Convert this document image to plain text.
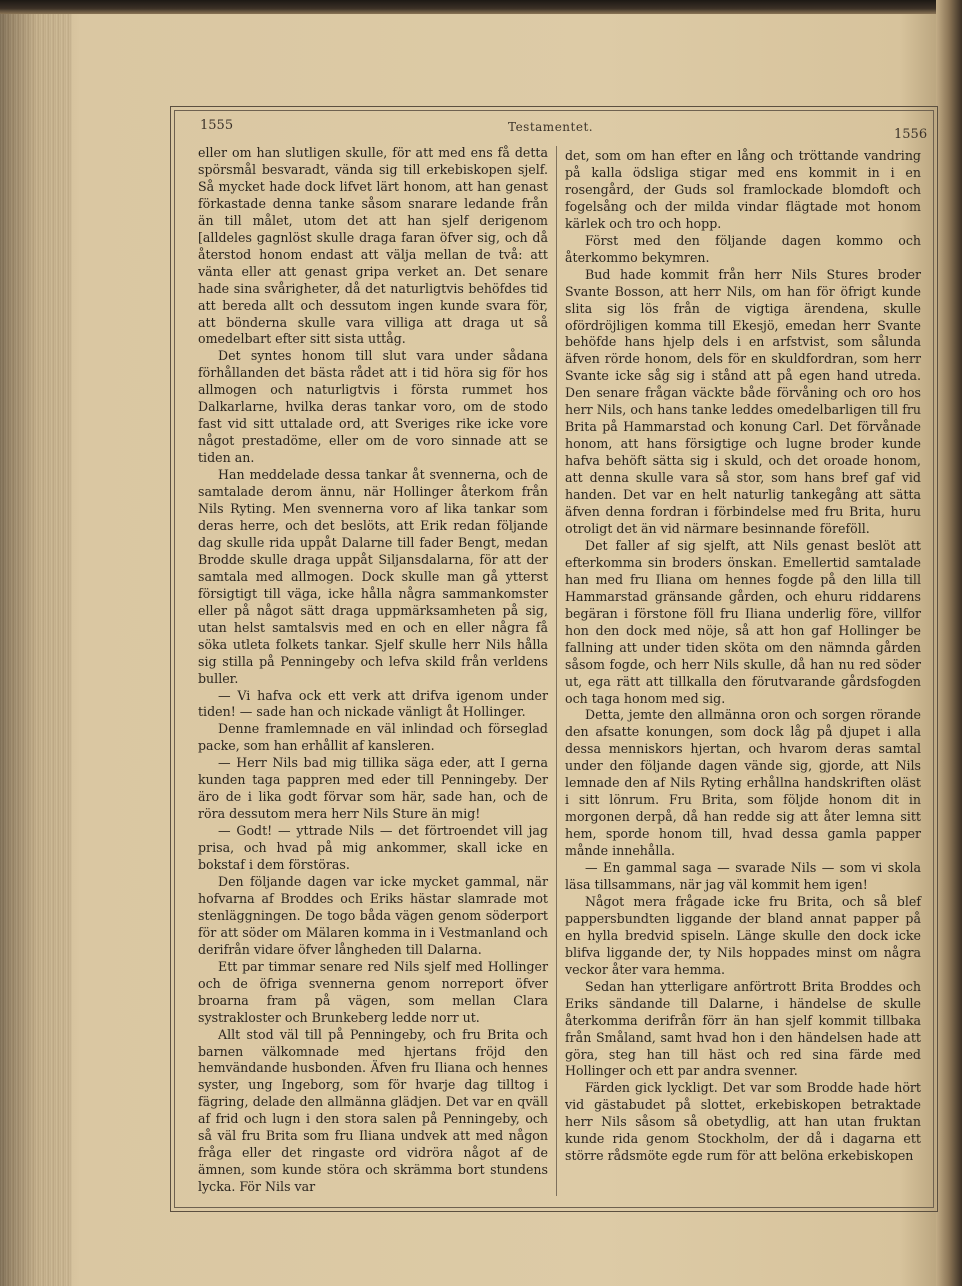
1555	Testamentet.	1556

eller om han slutligen skulle, för att med ens få detta spörsmål besvaradt, vända sig till erkebiskopen sjelf. Så mycket hade dock lifvet lärt honom, att han genast förkastade denna tanke såsom snarare ledande från än till målet, utom det att han sjelf derigenom [alldeles gagnlöst skulle draga faran öfver sig, och då återstod honom endast att välja mellan de två: att vänta eller att genast gripa verket an. Det senare hade sina svårigheter, då det naturligtvis behöfdes tid att bereda allt och dessutom ingen kunde svara för, att bönderna skulle vara villiga att draga ut så omedelbart efter sitt sista uttåg.

Det syntes honom till slut vara under sådana förhållanden det bästa rådet att i tid höra sig för hos allmogen och naturligtvis i första rummet hos Dalkarlarne, hvilka deras tankar voro, om de stodo fast vid sitt uttalade ord, att Sveriges rike icke vore något prestadöme, eller om de voro sinnade att se tiden an.

Han meddelade dessa tankar åt svennerna, och de samtalade derom ännu, när Hollinger återkom från Nils Ryting. Men svennerna voro af lika tankar som deras herre, och det beslöts, att Erik redan följande dag skulle rida uppåt Dalarne till fader Bengt, medan Brodde skulle draga uppåt Siljansdalarna, för att der samtala med allmogen. Dock skulle man gå ytterst försigtigt till väga, icke hålla några sammankomster eller på något sätt draga uppmärksamheten på sig, utan helst samtalsvis med en och en eller några få söka utleta folkets tankar. Sjelf skulle herr Nils hålla sig stilla på Penningeby och lefva skild från verldens buller.

— Vi hafva ock ett verk att drifva igenom under tiden! — sade han och nickade vänligt åt Hollinger.

Denne framlemnade en väl inlindad och förseglad packe, som han erhållit af kansleren.

— Herr Nils bad mig tillika säga eder, att I gerna kunden taga pappren med eder till Penningeby. Der äro de i lika godt förvar som här, sade han, och de röra dessutom mera herr Nils Sture än mig!

— Godt! — yttrade Nils — det förtroendet vill jag prisa, och hvad på mig ankommer, skall icke en bokstaf i dem förstöras.

Den följande dagen var icke mycket gammal, när hofvarna af Broddes och Eriks hästar slamrade mot stenläggningen. De togo båda vägen genom söderport för att söder om Mälaren komma in i Vestmanland och derifrån vidare öfver långheden till Dalarna.

Ett par timmar senare red Nils sjelf med Hollinger och de öfriga svennerna genom norreport öfver broarna fram på vägen, som mellan Clara systrakloster och Brunkeberg ledde norr ut.

Allt stod väl till på Penningeby, och fru Brita och barnen välkomnade med hjertans fröjd den hemvändande husbonden. Äfven fru Iliana och hennes syster, ung Ingeborg, som för hvarje dag tilltog i fägring, delade den allmänna glädjen. Det var en qväll af frid och lugn i den stora salen på Penningeby, och så väl fru Brita som fru Iliana undvek att med någon fråga eller det ringaste ord vidröra något af de ämnen, som kunde störa och skrämma bort stundens lycka. För Nils var

det, som om han efter en lång och tröttande vandring på kalla ödsliga stigar med ens kommit in i en rosengård, der Guds sol framlockade blomdoft och fogelsång och der milda vindar flägtade mot honom kärlek och tro och hopp.

Först med den följande dagen kommo och återkommo bekymren.

Bud hade kommit från herr Nils Stures broder Svante Bosson, att herr Nils, om han för öfrigt kunde slita sig lös från de vigtiga ärendena, skulle ofördröjligen komma till Ekesjö, emedan herr Svante behöfde hans hjelp dels i en arfstvist, som sålunda äfven rörde honom, dels för en skuldfordran, som herr Svante icke såg sig i stånd att på egen hand utreda. Den senare frågan väckte både förvåning och oro hos herr Nils, och hans tanke leddes omedelbarligen till fru Brita på Hammarstad och konung Carl. Det förvånade honom, att hans försigtige och lugne broder kunde hafva behöft sätta sig i skuld, och det oroade honom, att denna skulle vara så stor, som hans bref gaf vid handen. Det var en helt naturlig tankegång att sätta äfven denna fordran i förbindelse med fru Brita, huru otroligt det än vid närmare besinnande föreföll.

Det faller af sig sjelft, att Nils genast beslöt att efterkomma sin broders önskan. Emellertid samtalade han med fru Iliana om hennes fogde på den lilla till Hammarstad gränsande gården, och ehuru riddarens begäran i förstone föll fru Iliana underlig före, villfor hon den dock med nöje, så att hon gaf Hollinger be fallning att under tiden sköta om den nämnda gården såsom fogde, och herr Nils skulle, då han nu red söder ut, ega rätt att tillkalla den förutvarande gårdsfogden och taga honom med sig.

Detta, jemte den allmänna oron och sorgen rörande den afsatte konungen, som dock låg på djupet i alla dessa menniskors hjertan, och hvarom deras samtal under den följande dagen vände sig, gjorde, att Nils lemnade den af Nils Ryting erhållna handskriften oläst i sitt lönrum. Fru Brita, som följde honom dit in morgonen derpå, då han redde sig att åter lemna sitt hem, sporde honom till, hvad dessa gamla papper månde innehålla.

— En gammal saga — svarade Nils — som vi skola läsa tillsammans, när jag väl kommit hem igen!

Något mera frågade icke fru Brita, och så blef pappersbundten liggande der bland annat papper på en hylla bredvid spiseln. Länge skulle den dock icke blifva liggande der, ty Nils hoppades minst om några veckor åter vara hemma.

Sedan han ytterligare anförtrott Brita Broddes och Eriks sändande till Dalarne, i händelse de skulle återkomma derifrån förr än han sjelf kommit tillbaka från Småland, samt hvad hon i den händelsen hade att göra, steg han till häst och red sina färde med Hollinger och ett par andra svenner.

Färden gick lyckligt. Det var som Brodde hade hört vid gästabudet på slottet, erkebiskopen betraktade herr Nils såsom så obetydlig, att han utan fruktan kunde rida genom Stockholm, der då i dagarna ett större rådsmöte egde rum för att belöna erkebiskopen
